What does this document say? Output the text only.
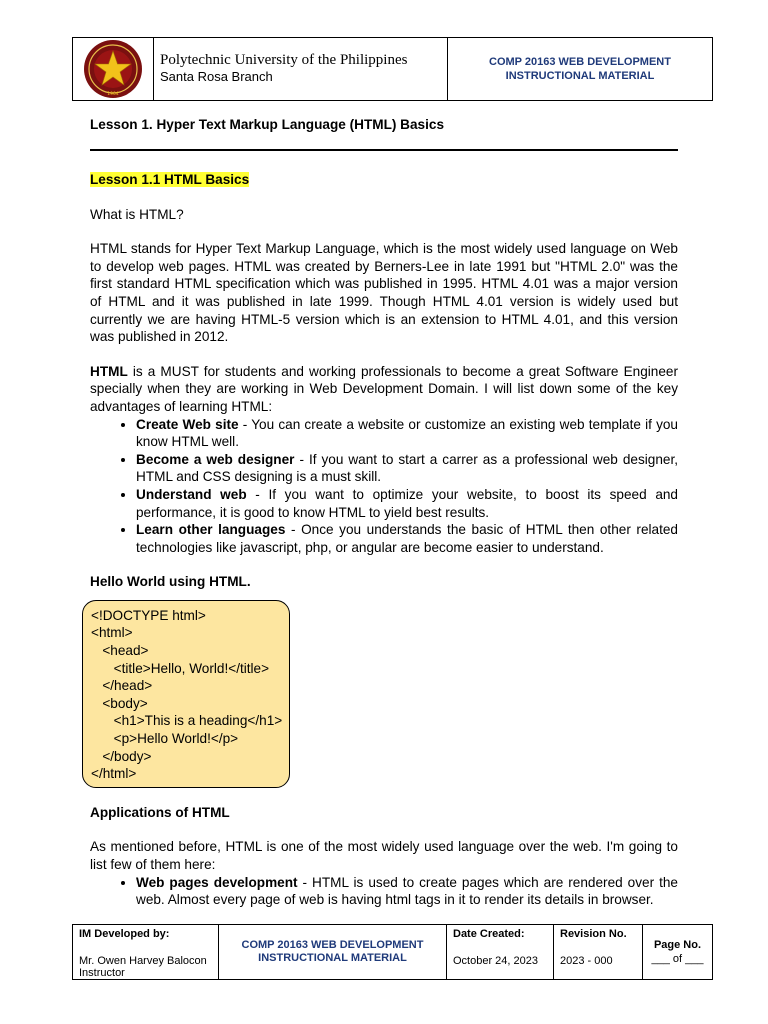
1904
Polytechnic University of the Philippines
Santa Rosa Branch
COMP 20163 WEB DEVELOPMENT
INSTRUCTIONAL MATERIAL

Lesson 1. Hyper Text Markup Language (HTML) Basics

Lesson 1.1 HTML Basics

What is HTML?

HTML stands for Hyper Text Markup Language, which is the most widely used language on Web to develop web pages. HTML was created by Berners-Lee in late 1991 but "HTML 2.0" was the first standard HTML specification which was published in 1995. HTML 4.01 was a major version of HTML and it was published in late 1999. Though HTML 4.01 version is widely used but currently we are having HTML-5 version which is an extension to HTML 4.01, and this version was published in 2012.

HTML is a MUST for students and working professionals to become a great Software Engineer specially when they are working in Web Development Domain. I will list down some of the key advantages of learning HTML:

• Create Web site - You can create a website or customize an existing web template if you know HTML well.
• Become a web designer - If you want to start a carrer as a professional web designer, HTML and CSS designing is a must skill.
• Understand web - If you want to optimize your website, to boost its speed and performance, it is good to know HTML to yield best results.
• Learn other languages - Once you understands the basic of HTML then other related technologies like javascript, php, or angular are become easier to understand.

Hello World using HTML.

<!DOCTYPE html>
<html>
<head>
<title>Hello, World!</title>
</head>
<body>
<h1>This is a heading</h1>
<p>Hello World!</p>
</body>
</html>

Applications of HTML

As mentioned before, HTML is one of the most widely used language over the web. I'm going to list few of them here:

• Web pages development - HTML is used to create pages which are rendered over the web. Almost every page of web is having html tags in it to render its details in browser.
IM Developed by:
Mr. Owen Harvey Balocon
Instructor
COMP 20163 WEB DEVELOPMENT
INSTRUCTIONAL MATERIAL
Date Created:
October 24, 2023
Revision No.
2023 - 000
Page No.
___ of ___
